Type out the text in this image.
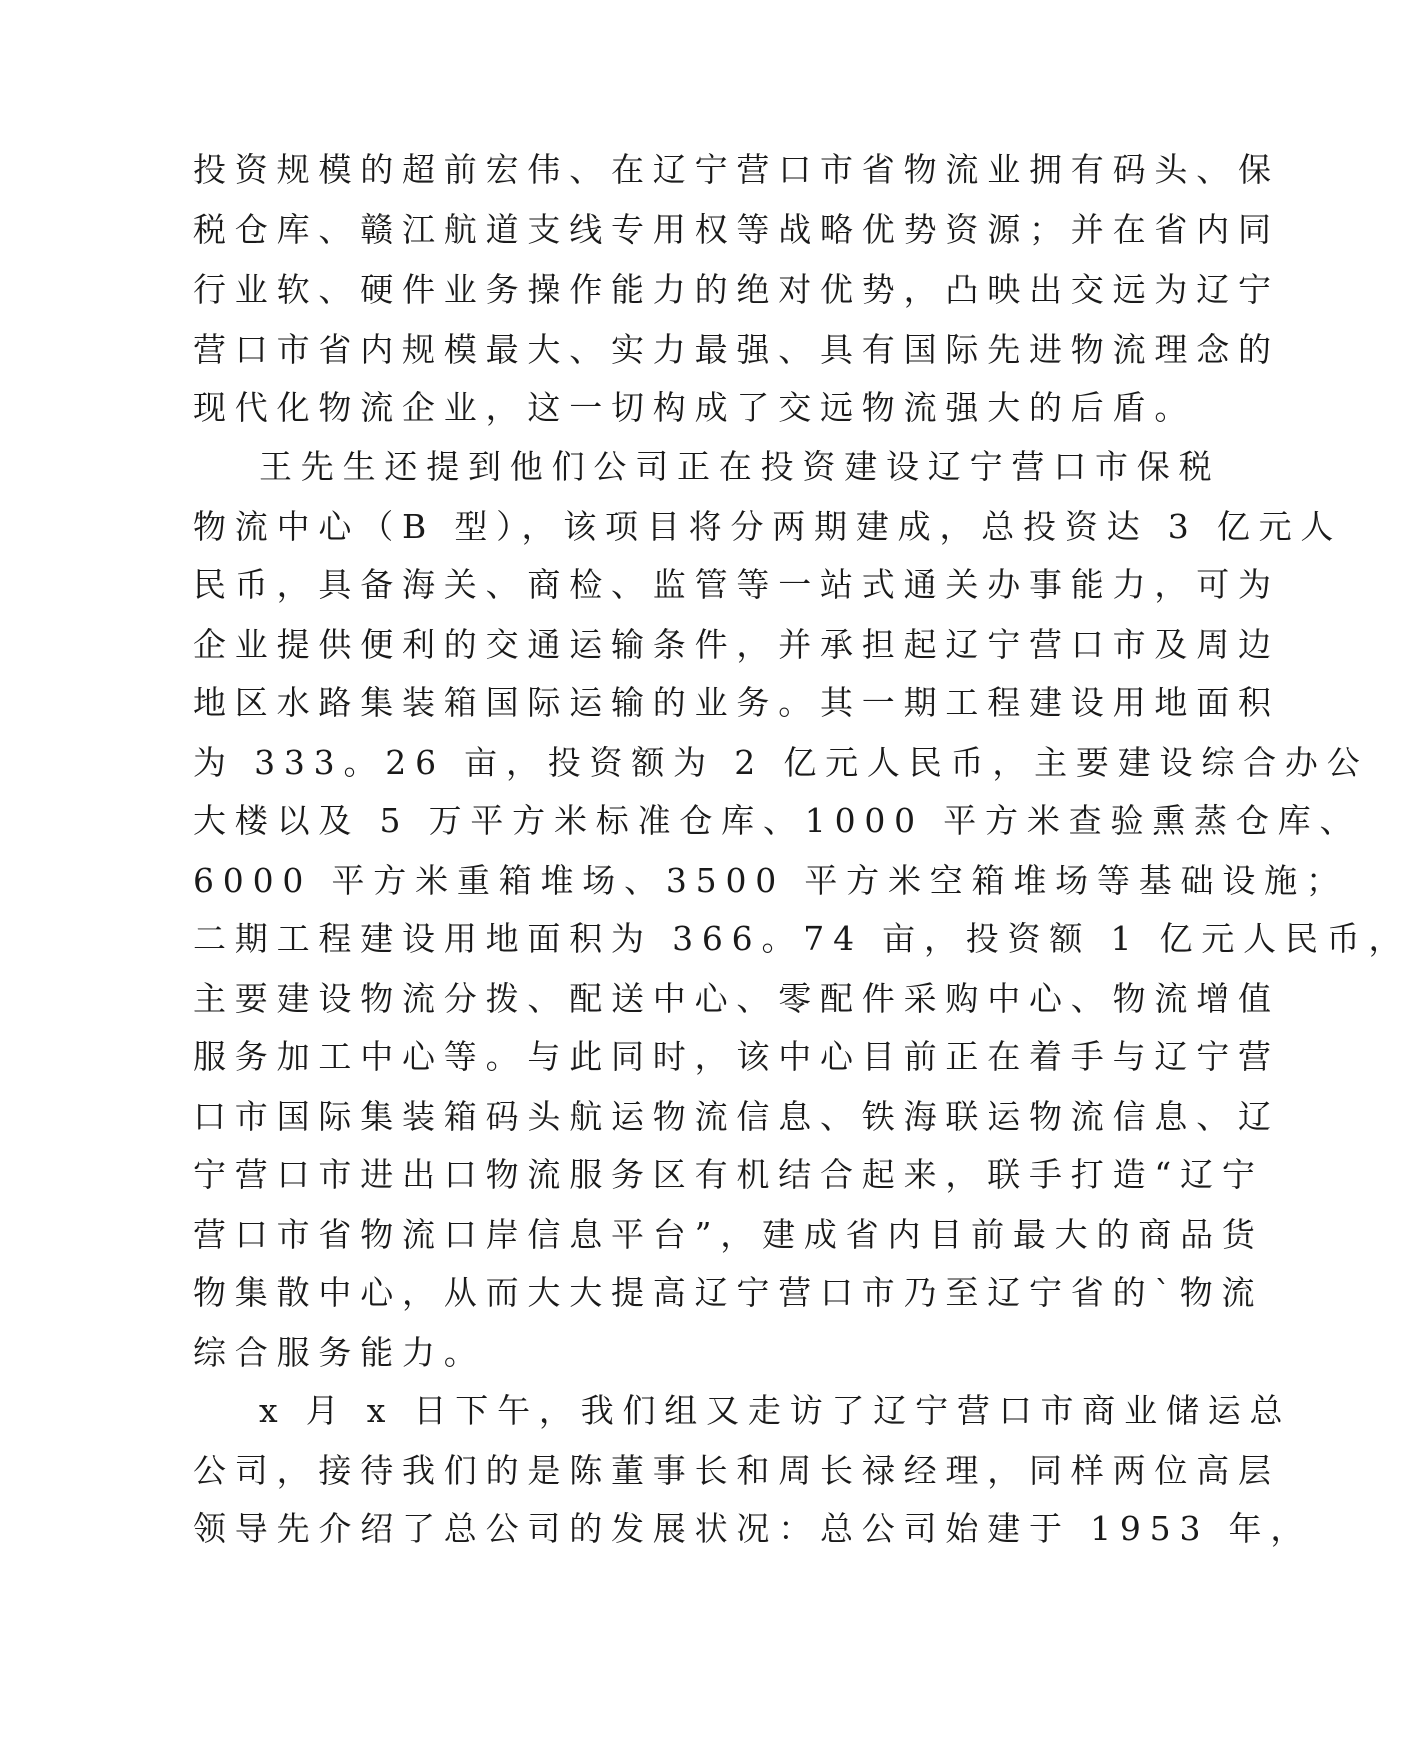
投资规模的超前宏伟、在辽宁营口市省物流业拥有码头、保
税仓库、赣江航道支线专用权等战略优势资源；并在省内同
行业软、硬件业务操作能力的绝对优势，凸映出交远为辽宁
营口市省内规模最大、实力最强、具有国际先进物流理念的
现代化物流企业，这一切构成了交远物流强大的后盾。
王先生还提到他们公司正在投资建设辽宁营口市保税
物流中心（B 型），该项目将分两期建成，总投资达 3 亿元人
民币，具备海关、商检、监管等一站式通关办事能力，可为
企业提供便利的交通运输条件，并承担起辽宁营口市及周边
地区水路集装箱国际运输的业务。其一期工程建设用地面积
为 333。26 亩，投资额为 2 亿元人民币，主要建设综合办公
大楼以及 5 万平方米标准仓库、1000 平方米查验熏蒸仓库、
6000 平方米重箱堆场、3500 平方米空箱堆场等基础设施；
二期工程建设用地面积为 366。74 亩，投资额 1 亿元人民币，
主要建设物流分拨、配送中心、零配件采购中心、物流增值
服务加工中心等。与此同时，该中心目前正在着手与辽宁营
口市国际集装箱码头航运物流信息、铁海联运物流信息、辽
宁营口市进出口物流服务区有机结合起来，联手打造“辽宁
营口市省物流口岸信息平台”，建成省内目前最大的商品货
物集散中心，从而大大提高辽宁营口市乃至辽宁省的`物流
综合服务能力。
x 月 x 日下午，我们组又走访了辽宁营口市商业储运总
公司，接待我们的是陈董事长和周长禄经理，同样两位高层
领导先介绍了总公司的发展状况：总公司始建于 1953 年，
